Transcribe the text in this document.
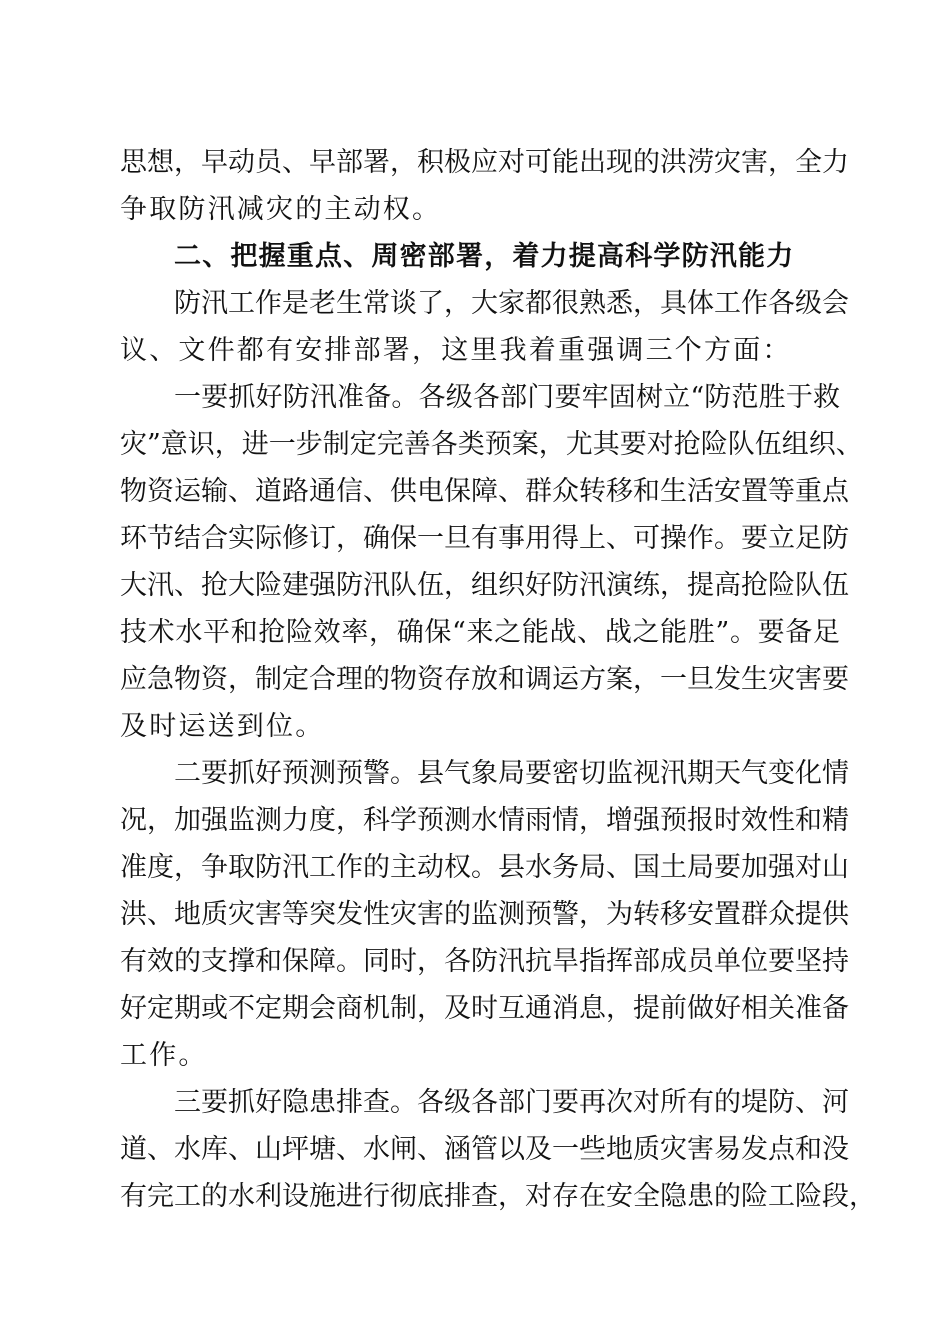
思想，早动员、早部署，积极应对可能出现的洪涝灾害，全力
争取防汛减灾的主动权。
二、把握重点、周密部署，着力提高科学防汛能力
防汛工作是老生常谈了，大家都很熟悉，具体工作各级会
议、文件都有安排部署，这里我着重强调三个方面：
一要抓好防汛准备。各级各部门要牢固树立“防范胜于救
灾”意识，进一步制定完善各类预案，尤其要对抢险队伍组织、
物资运输、道路通信、供电保障、群众转移和生活安置等重点
环节结合实际修订，确保一旦有事用得上、可操作。要立足防
大汛、抢大险建强防汛队伍，组织好防汛演练，提高抢险队伍
技术水平和抢险效率，确保“来之能战、战之能胜”。要备足
应急物资，制定合理的物资存放和调运方案，一旦发生灾害要
及时运送到位。
二要抓好预测预警。县气象局要密切监视汛期天气变化情
况，加强监测力度，科学预测水情雨情，增强预报时效性和精
准度，争取防汛工作的主动权。县水务局、国土局要加强对山
洪、地质灾害等突发性灾害的监测预警，为转移安置群众提供
有效的支撑和保障。同时，各防汛抗旱指挥部成员单位要坚持
好定期或不定期会商机制，及时互通消息，提前做好相关准备
工作。
三要抓好隐患排查。各级各部门要再次对所有的堤防、河
道、水库、山坪塘、水闸、涵管以及一些地质灾害易发点和没
有完工的水利设施进行彻底排查，对存在安全隐患的险工险段，
